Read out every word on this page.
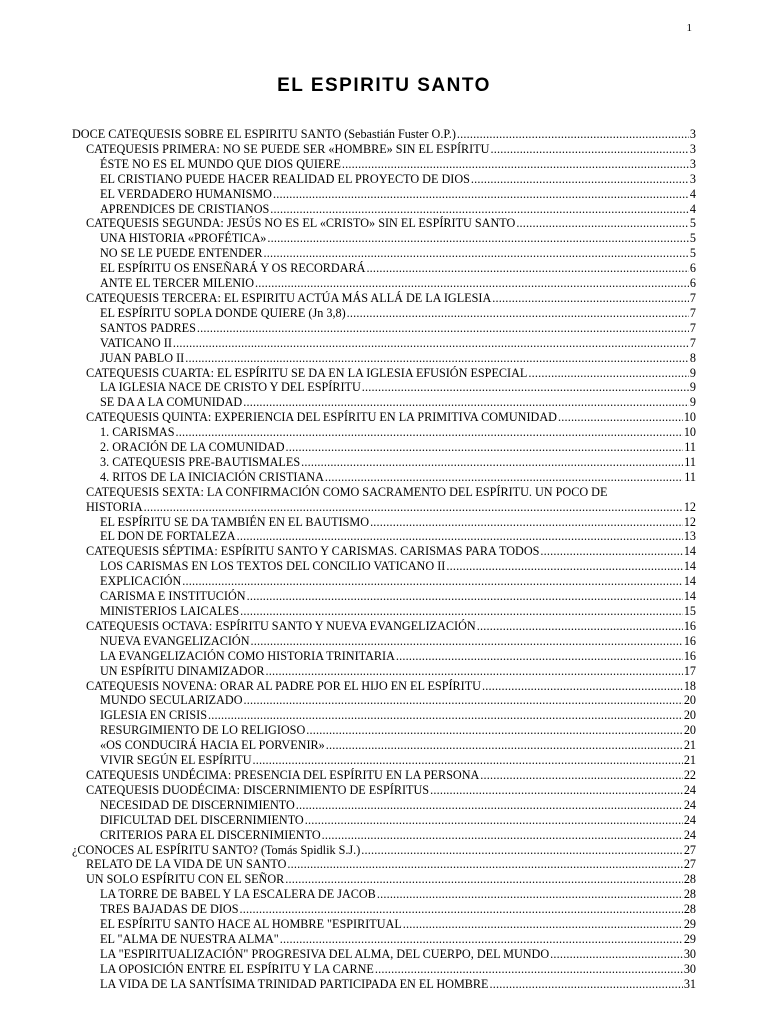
1
EL ESPIRITU SANTO
DOCE CATEQUESIS SOBRE EL ESPIRITU SANTO (Sebastián Fuster O.P.) .....	3
CATEQUESIS PRIMERA: NO SE PUEDE SER «HOMBRE» SIN EL ESPÍRITU .....	3
ÉSTE NO ES EL MUNDO QUE DIOS QUIERE .....	3
EL CRISTIANO PUEDE HACER REALIDAD EL PROYECTO DE DIOS .....	3
EL VERDADERO HUMANISMO .....	4
APRENDICES DE CRISTIANOS .....	4
CATEQUESIS SEGUNDA: JESÚS NO ES EL «CRISTO» SIN EL ESPÍRITU SANTO .....	5
UNA HISTORIA «PROFÉTICA» .....	5
NO SE LE PUEDE ENTENDER .....	5
EL ESPÍRITU OS ENSEÑARÁ Y OS RECORDARÁ .....	6
ANTE EL TERCER MILENIO .....	6
CATEQUESIS TERCERA: EL ESPIRITU ACTÚA MÁS ALLÁ DE LA IGLESIA .....	7
EL ESPÍRITU SOPLA DONDE QUIERE (Jn 3,8) .....	7
SANTOS PADRES .....	7
VATICANO II .....	7
JUAN PABLO II .....	8
CATEQUESIS CUARTA: EL ESPÍRITU SE DA EN LA IGLESIA EFUSIÓN ESPECIAL .....	9
LA IGLESIA NACE DE CRISTO Y DEL ESPÍRITU .....	9
SE DA A LA COMUNIDAD .....	9
CATEQUESIS QUINTA: EXPERIENCIA DEL ESPÍRITU EN LA PRIMITIVA COMUNIDAD .....	10
1. CARISMAS .....	10
2. ORACIÓN DE LA COMUNIDAD .....	11
3. CATEQUESIS PRE-BAUTISMALES .....	11
4. RITOS DE LA INICIACIÓN CRISTIANA .....	11
CATEQUESIS SEXTA: LA CONFIRMACIÓN COMO SACRAMENTO DEL ESPÍRITU. UN POCO DE
HISTORIA .....	12
EL ESPÍRITU SE DA TAMBIÉN EN EL BAUTISMO .....	12
EL DON DE FORTALEZA .....	13
CATEQUESIS SÉPTIMA: ESPÍRITU SANTO Y CARISMAS. CARISMAS PARA TODOS .....	14
LOS CARISMAS EN LOS TEXTOS DEL CONCILIO VATICANO II .....	14
EXPLICACIÓN .....	14
CARISMA E INSTITUCIÓN .....	14
MINISTERIOS LAICALES .....	15
CATEQUESIS OCTAVA: ESPÍRITU SANTO Y NUEVA EVANGELIZACIÓN .....	16
NUEVA EVANGELIZACIÓN .....	16
LA EVANGELIZACIÓN COMO HISTORIA TRINITARIA .....	16
UN ESPÍRITU DINAMIZADOR .....	17
CATEQUESIS NOVENA: ORAR AL PADRE POR EL HIJO EN EL ESPÍRITU .....	18
MUNDO SECULARIZADO .....	20
IGLESIA EN CRISIS .....	20
RESURGIMIENTO DE LO RELIGIOSO .....	20
«OS CONDUCIRÁ HACIA EL PORVENIR» .....	21
VIVIR SEGÚN EL ESPÍRITU .....	21
CATEQUESIS UNDÉCIMA: PRESENCIA DEL ESPÍRITU EN LA PERSONA .....	22
CATEQUESIS DUODÉCIMA: DISCERNIMIENTO DE ESPÍRITUS .....	24
NECESIDAD DE DISCERNIMIENTO .....	24
DIFICULTAD DEL DISCERNIMIENTO .....	24
CRITERIOS PARA EL DISCERNIMIENTO .....	24
¿CONOCES AL ESPÍRITU SANTO? (Tomás Spidlik S.J.) .....	27
RELATO DE LA VIDA DE UN SANTO .....	27
UN SOLO ESPÍRITU CON EL SEÑOR .....	28
LA TORRE DE BABEL Y LA ESCALERA DE JACOB .....	28
TRES BAJADAS DE DIOS .....	28
EL ESPÍRITU SANTO HACE AL HOMBRE "ESPIRITUAL .....	29
EL "ALMA DE NUESTRA ALMA" .....	29
LA "ESPIRITUALIZACIÓN" PROGRESIVA DEL ALMA, DEL CUERPO, DEL MUNDO .....	30
LA OPOSICIÓN ENTRE EL ESPÍRITU Y LA CARNE .....	30
LA VIDA DE LA SANTÍSIMA TRINIDAD PARTICIPADA EN EL HOMBRE .....	31
